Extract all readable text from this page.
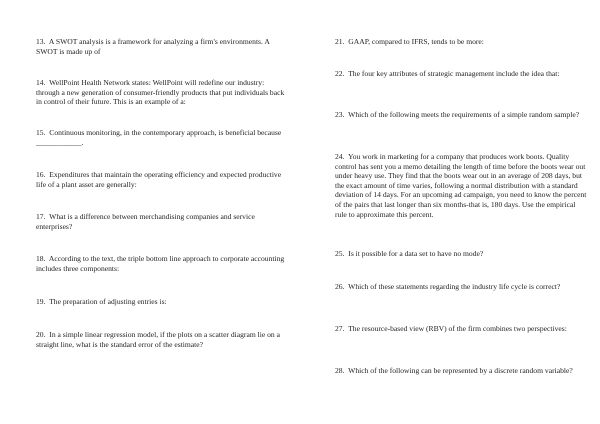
13. A SWOT analysis is a framework for analyzing a firm's environments. A SWOT is made up of

14. WellPoint Health Network states: WellPoint will redefine our industry: through a new generation of consumer-friendly products that put individuals back in control of their future. This is an example of a:

15. Continuous monitoring, in the contemporary approach, is beneficial because ____________.

16. Expenditures that maintain the operating efficiency and expected productive life of a plant asset are generally:

17. What is a difference between merchandising companies and service enterprises?

18. According to the text, the triple bottom line approach to corporate accounting includes three components:

19. The preparation of adjusting entries is:

20. In a simple linear regression model, if the plots on a scatter diagram lie on a straight line, what is the standard error of the estimate?

21. GAAP, compared to IFRS, tends to be more:

22. The four key attributes of strategic management include the idea that:

23. Which of the following meets the requirements of a simple random sample?

24. You work in marketing for a company that produces work boots. Quality control has sent you a memo detailing the length of time before the boots wear out under heavy use. They find that the boots wear out in an average of 208 days, but the exact amount of time varies, following a normal distribution with a standard deviation of 14 days. For an upcoming ad campaign, you need to know the percent of the pairs that last longer than six months-that is, 180 days. Use the empirical rule to approximate this percent.

25. Is it possible for a data set to have no mode?

26. Which of these statements regarding the industry life cycle is correct?

27. The resource-based view (RBV) of the firm combines two perspectives:

28. Which of the following can be represented by a discrete random variable?
